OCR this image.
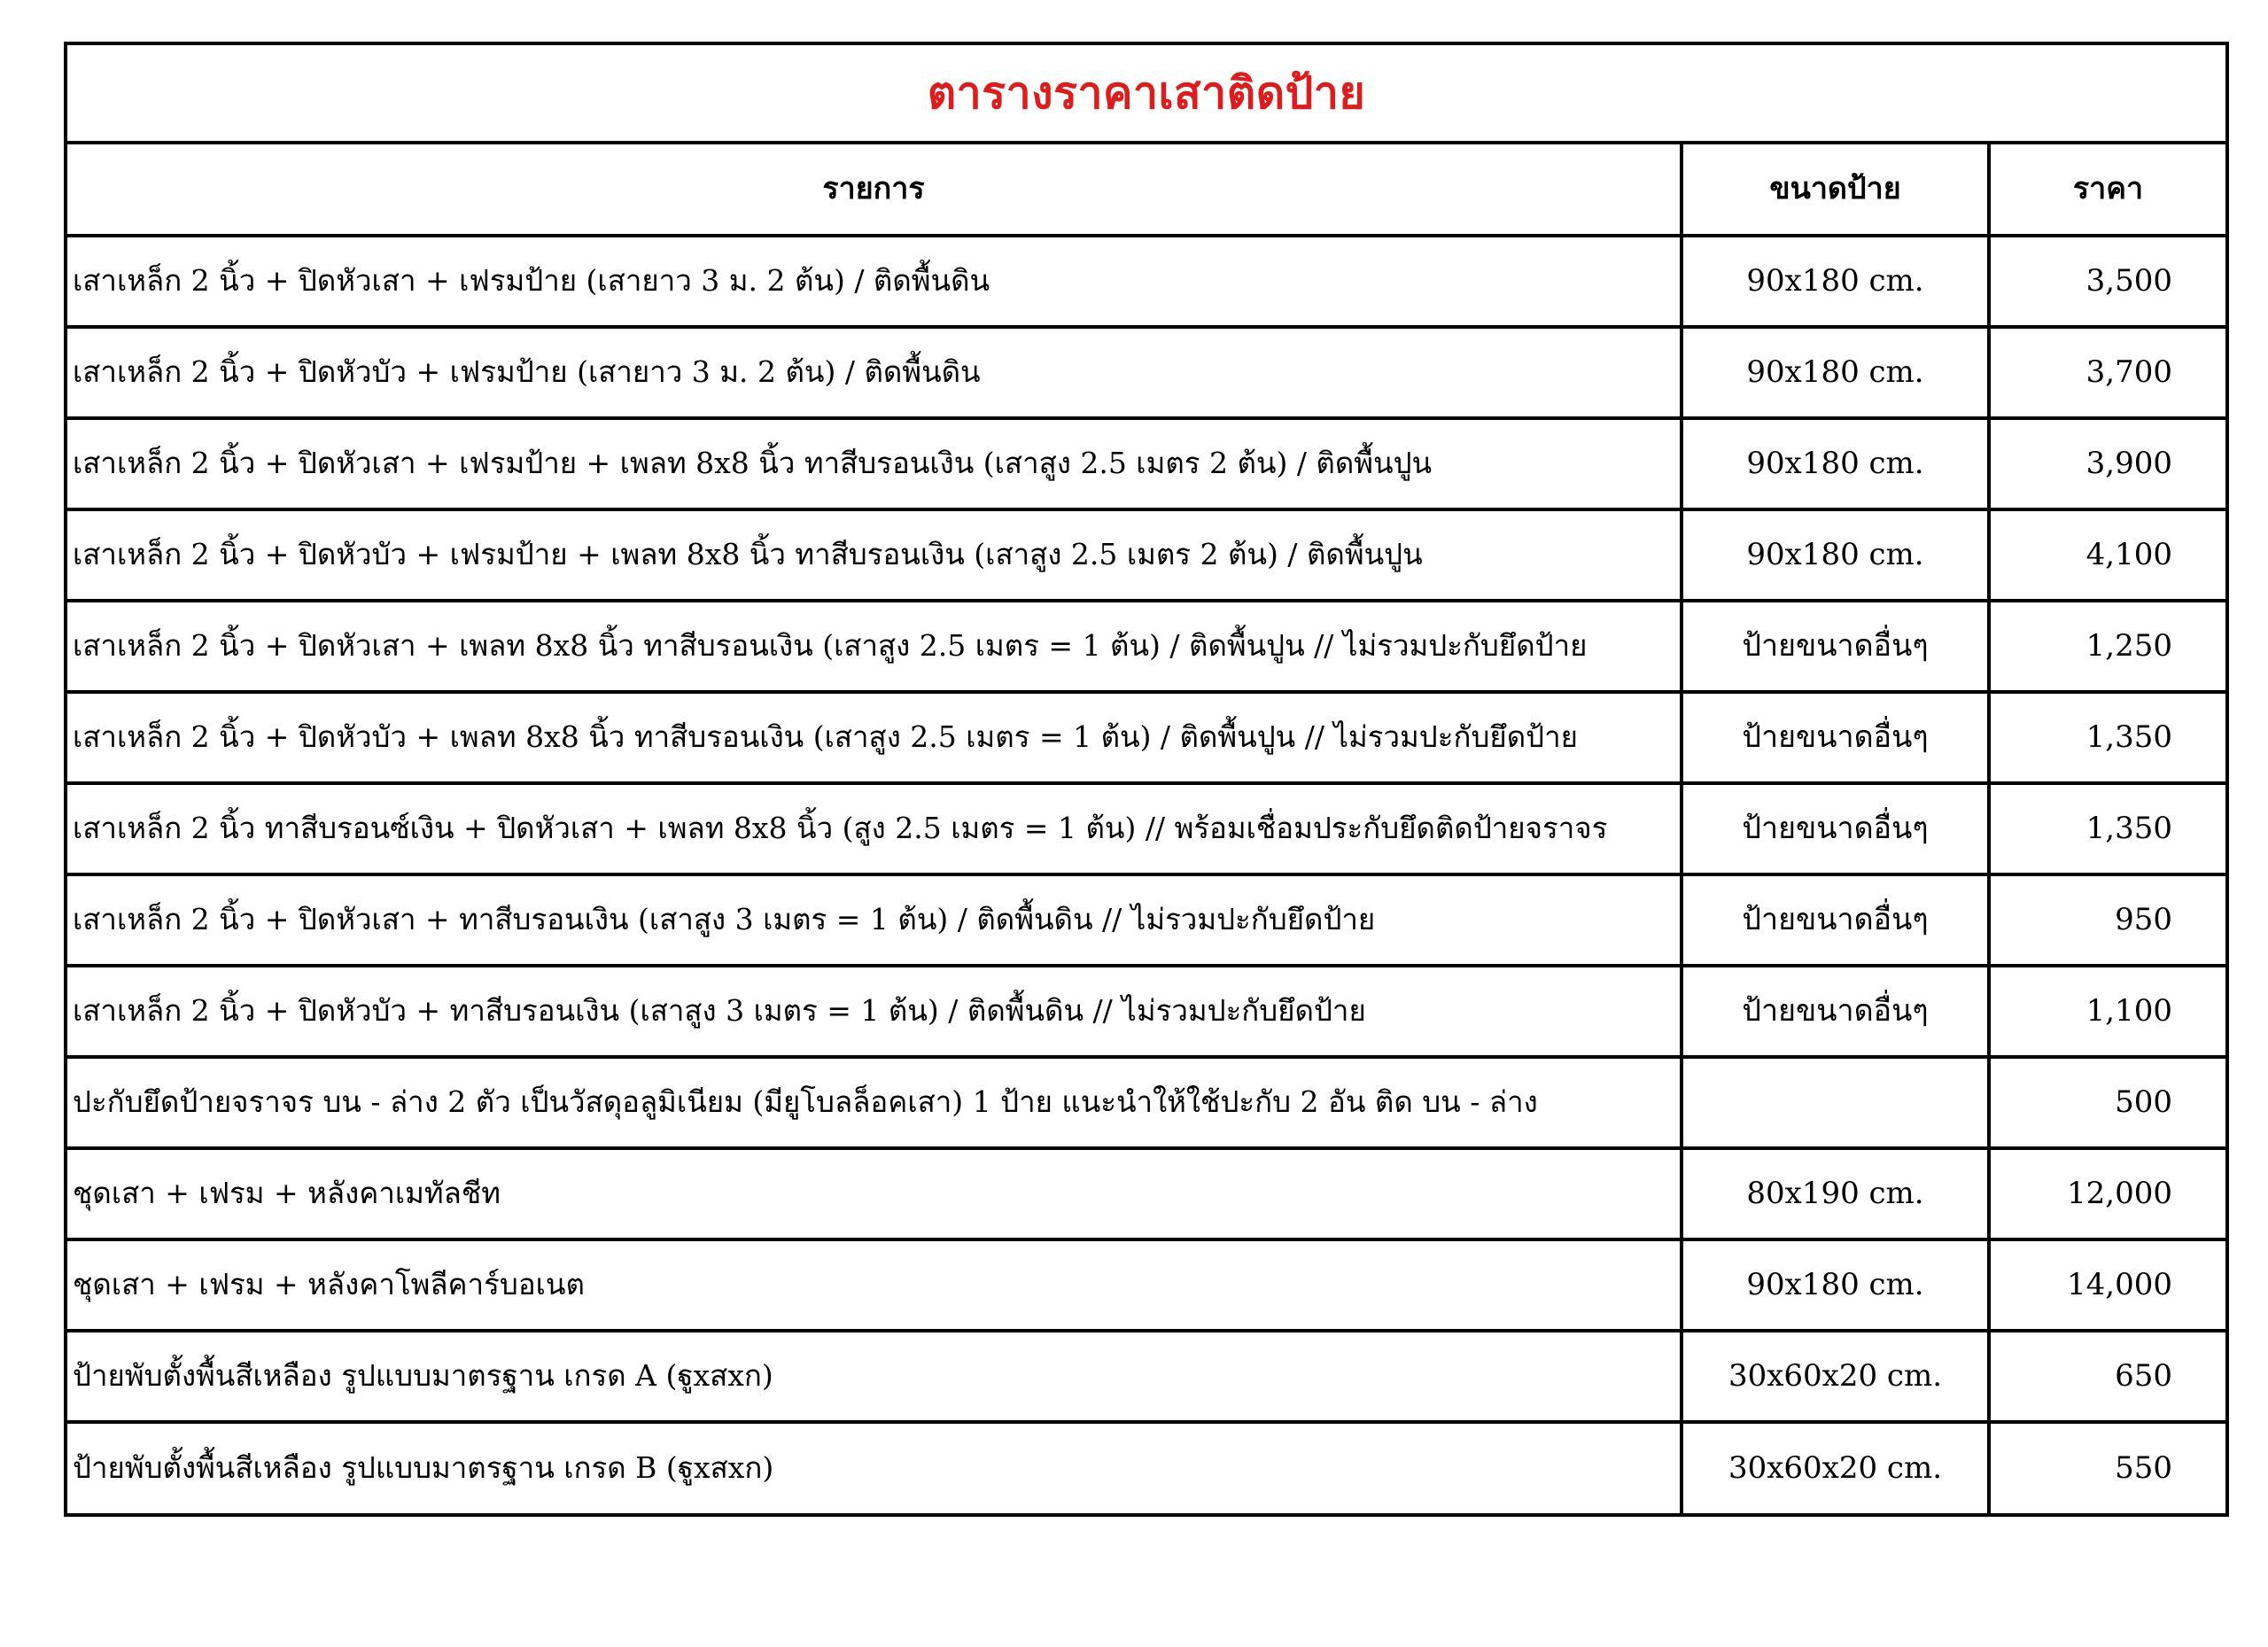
ตารางราคาเสาติดป้าย
รายการ	ขนาดป้าย	ราคา
เสาเหล็ก 2 นิ้ว + ปิดหัวเสา + เฟรมป้าย (เสายาว 3 ม. 2 ต้น) / ติดพื้นดิน	90x180 cm.	3,500
เสาเหล็ก 2 นิ้ว + ปิดหัวบัว + เฟรมป้าย (เสายาว 3 ม. 2 ต้น) / ติดพื้นดิน	90x180 cm.	3,700
เสาเหล็ก 2 นิ้ว + ปิดหัวเสา + เฟรมป้าย + เพลท 8x8 นิ้ว ทาสีบรอนเงิน (เสาสูง 2.5 เมตร 2 ต้น) / ติดพื้นปูน	90x180 cm.	3,900
เสาเหล็ก 2 นิ้ว + ปิดหัวบัว + เฟรมป้าย + เพลท 8x8 นิ้ว ทาสีบรอนเงิน (เสาสูง 2.5 เมตร 2 ต้น) / ติดพื้นปูน	90x180 cm.	4,100
เสาเหล็ก 2 นิ้ว + ปิดหัวเสา + เพลท 8x8 นิ้ว ทาสีบรอนเงิน (เสาสูง 2.5 เมตร = 1 ต้น) / ติดพื้นปูน // ไม่รวมปะกับยึดป้าย	ป้ายขนาดอื่นๆ	1,250
เสาเหล็ก 2 นิ้ว + ปิดหัวบัว + เพลท 8x8 นิ้ว ทาสีบรอนเงิน (เสาสูง 2.5 เมตร = 1 ต้น) / ติดพื้นปูน // ไม่รวมปะกับยึดป้าย	ป้ายขนาดอื่นๆ	1,350
เสาเหล็ก 2 นิ้ว ทาสีบรอนซ์เงิน + ปิดหัวเสา + เพลท 8x8 นิ้ว (สูง 2.5 เมตร = 1 ต้น) // พร้อมเชื่อมประกับยึดติดป้ายจราจร	ป้ายขนาดอื่นๆ	1,350
เสาเหล็ก 2 นิ้ว + ปิดหัวเสา + ทาสีบรอนเงิน (เสาสูง 3 เมตร = 1 ต้น) / ติดพื้นดิน // ไม่รวมปะกับยึดป้าย	ป้ายขนาดอื่นๆ	950
เสาเหล็ก 2 นิ้ว + ปิดหัวบัว + ทาสีบรอนเงิน (เสาสูง 3 เมตร = 1 ต้น) / ติดพื้นดิน // ไม่รวมปะกับยึดป้าย	ป้ายขนาดอื่นๆ	1,100
ปะกับยึดป้ายจราจร บน - ล่าง 2 ตัว เป็นวัสดุอลูมิเนียม (มียูโบลล็อคเสา) 1 ป้าย แนะนำให้ใช้ปะกับ 2 อัน ติด บน - ล่าง		500
ชุดเสา + เฟรม + หลังคาเมทัลชีท	80x190 cm.	12,000
ชุดเสา + เฟรม + หลังคาโพลีคาร์บอเนต	90x180 cm.	14,000
ป้ายพับตั้งพื้นสีเหลือง รูปแบบมาตรฐาน เกรด A (ฐูxสxก)	30x60x20 cm.	650
ป้ายพับตั้งพื้นสีเหลือง รูปแบบมาตรฐาน เกรด B (ฐูxสxก)	30x60x20 cm.	550
